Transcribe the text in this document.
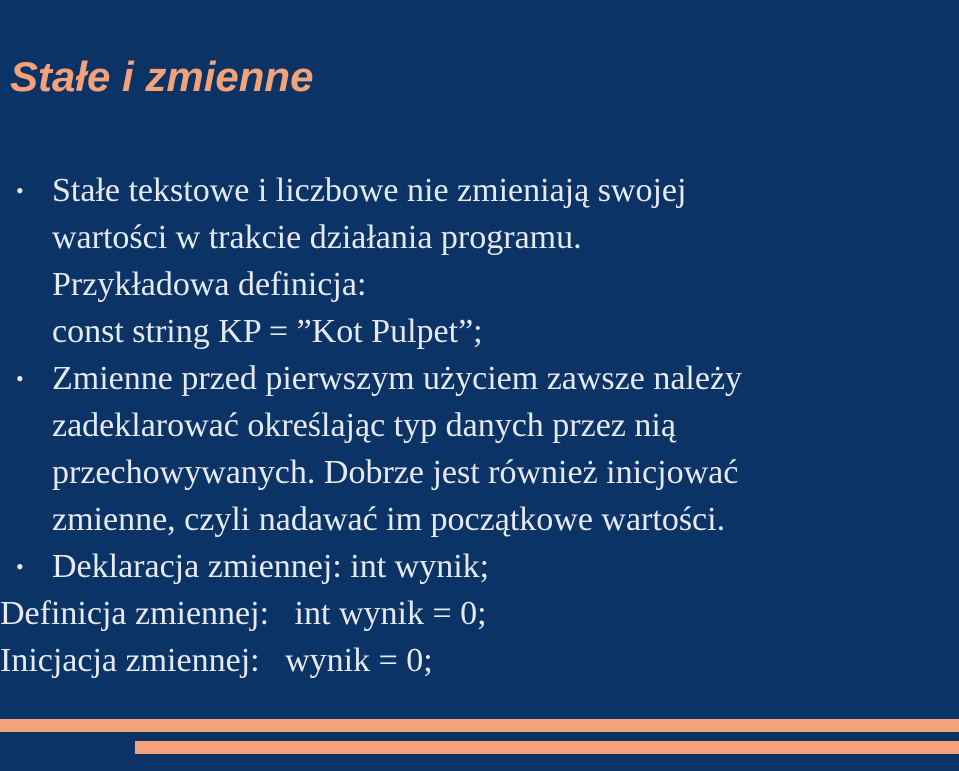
Stałe i zmienne
• Stałe tekstowe i liczbowe nie zmieniają swojej
wartości w trakcie działania programu.
Przykładowa definicja:
const string KP = ”Kot Pulpet”;
• Zmienne przed pierwszym użyciem zawsze należy
zadeklarować określając typ danych przez nią
przechowywanych. Dobrze jest również inicjować
zmienne, czyli nadawać im początkowe wartości.
• Deklaracja zmiennej: int wynik;
Definicja zmiennej:   int wynik = 0;
Inicjacja zmiennej:   wynik = 0;
